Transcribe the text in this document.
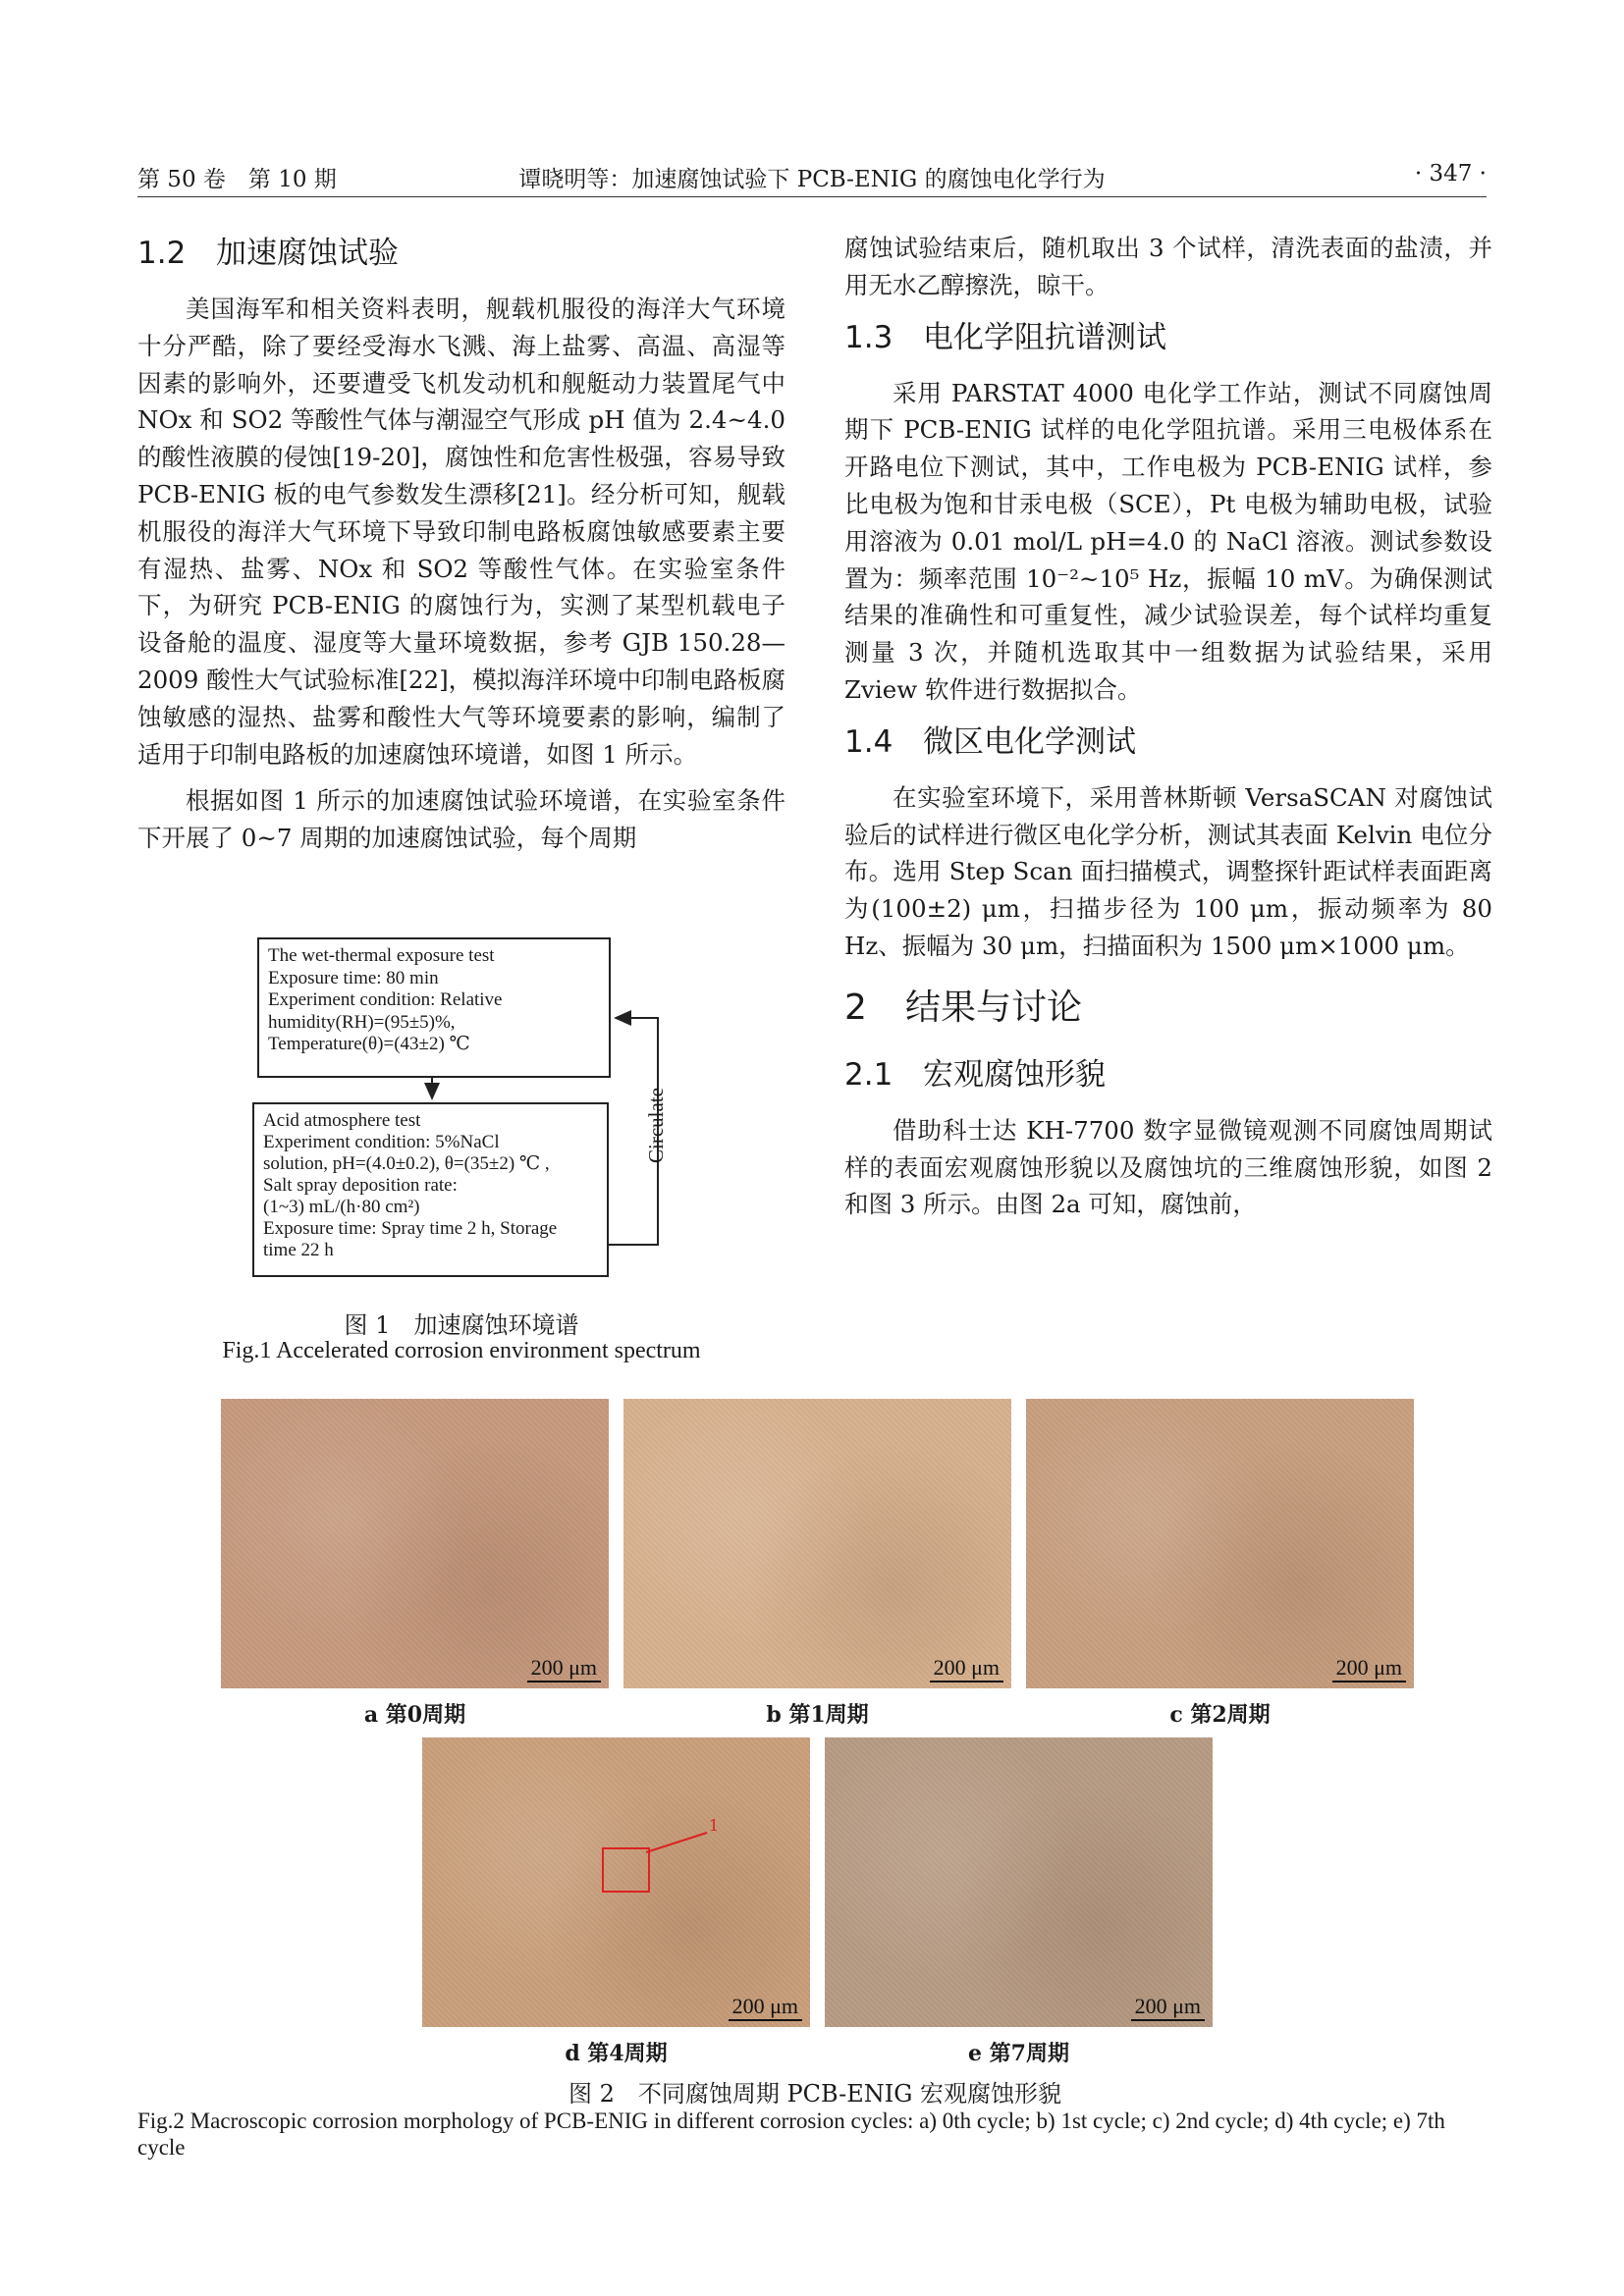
第 50 卷　第 10 期	谭晓明等：加速腐蚀试验下 PCB-ENIG 的腐蚀电化学行为	· 347 ·
1.2 加速腐蚀试验

美国海军和相关资料表明，舰载机服役的海洋大气环境十分严酷，除了要经受海水飞溅、海上盐雾、高温、高湿等因素的影响外，还要遭受飞机发动机和舰艇动力装置尾气中 NOx 和 SO2 等酸性气体与潮湿空气形成 pH 值为 2.4~4.0 的酸性液膜的侵蚀[19-20]，腐蚀性和危害性极强，容易导致 PCB-ENIG 板的电气参数发生漂移[21]。经分析可知，舰载机服役的海洋大气环境下导致印制电路板腐蚀敏感要素主要有湿热、盐雾、NOx 和 SO2 等酸性气体。在实验室条件下，为研究 PCB-ENIG 的腐蚀行为，实测了某型机载电子设备舱的温度、湿度等大量环境数据，参考 GJB 150.28—2009 酸性大气试验标准[22]，模拟海洋环境中印制电路板腐蚀敏感的湿热、盐雾和酸性大气等环境要素的影响，编制了适用于印制电路板的加速腐蚀环境谱，如图 1 所示。

根据如图 1 所示的加速腐蚀试验环境谱，在实验室条件下开展了 0~7 周期的加速腐蚀试验，每个周期

The wet-thermal exposure test
Exposure time: 80 min
Experiment condition: Relative
humidity(RH)=(95±5)%,
Temperature(θ)=(43±2) ℃
Acid atmosphere test
Experiment condition: 5%NaCl
solution, pH=(4.0±0.2), θ=(35±2) ℃ ,
Salt spray deposition rate:
(1~3) mL/(h·80 cm²)
Exposure time: Spray time 2 h, Storage
time 22 h
Circulate
图 1　加速腐蚀环境谱
Fig.1 Accelerated corrosion environment spectrum

腐蚀试验结束后，随机取出 3 个试样，清洗表面的盐渍，并用无水乙醇擦洗，晾干。

1.3 电化学阻抗谱测试

采用 PARSTAT 4000 电化学工作站，测试不同腐蚀周期下 PCB-ENIG 试样的电化学阻抗谱。采用三电极体系在开路电位下测试，其中，工作电极为 PCB-ENIG 试样，参比电极为饱和甘汞电极（SCE），Pt 电极为辅助电极，试验用溶液为 0.01 mol/L pH=4.0 的 NaCl 溶液。测试参数设置为：频率范围 10⁻²~10⁵ Hz，振幅 10 mV。为确保测试结果的准确性和可重复性，减少试验误差，每个试样均重复测量 3 次，并随机选取其中一组数据为试验结果，采用 Zview 软件进行数据拟合。

1.4 微区电化学测试

在实验室环境下，采用普林斯顿 VersaSCAN 对腐蚀试验后的试样进行微区电化学分析，测试其表面 Kelvin 电位分布。选用 Step Scan 面扫描模式，调整探针距试样表面距离为(100±2) μm，扫描步径为 100 μm，振动频率为 80 Hz、振幅为 30 μm，扫描面积为 1500 μm×1000 μm。

2 结果与讨论
2.1 宏观腐蚀形貌

借助科士达 KH-7700 数字显微镜观测不同腐蚀周期试样的表面宏观腐蚀形貌以及腐蚀坑的三维腐蚀形貌，如图 2 和图 3 所示。由图 2a 可知，腐蚀前，

200 μm	200 μm	200 μm
a 第0周期	b 第1周期	c 第2周期
1
200 μm	200 μm
d 第4周期	e 第7周期
图 2　不同腐蚀周期 PCB-ENIG 宏观腐蚀形貌
Fig.2 Macroscopic corrosion morphology of PCB-ENIG in different corrosion cycles: a) 0th cycle; b) 1st cycle; c) 2nd cycle; d) 4th cycle; e) 7th cycle
